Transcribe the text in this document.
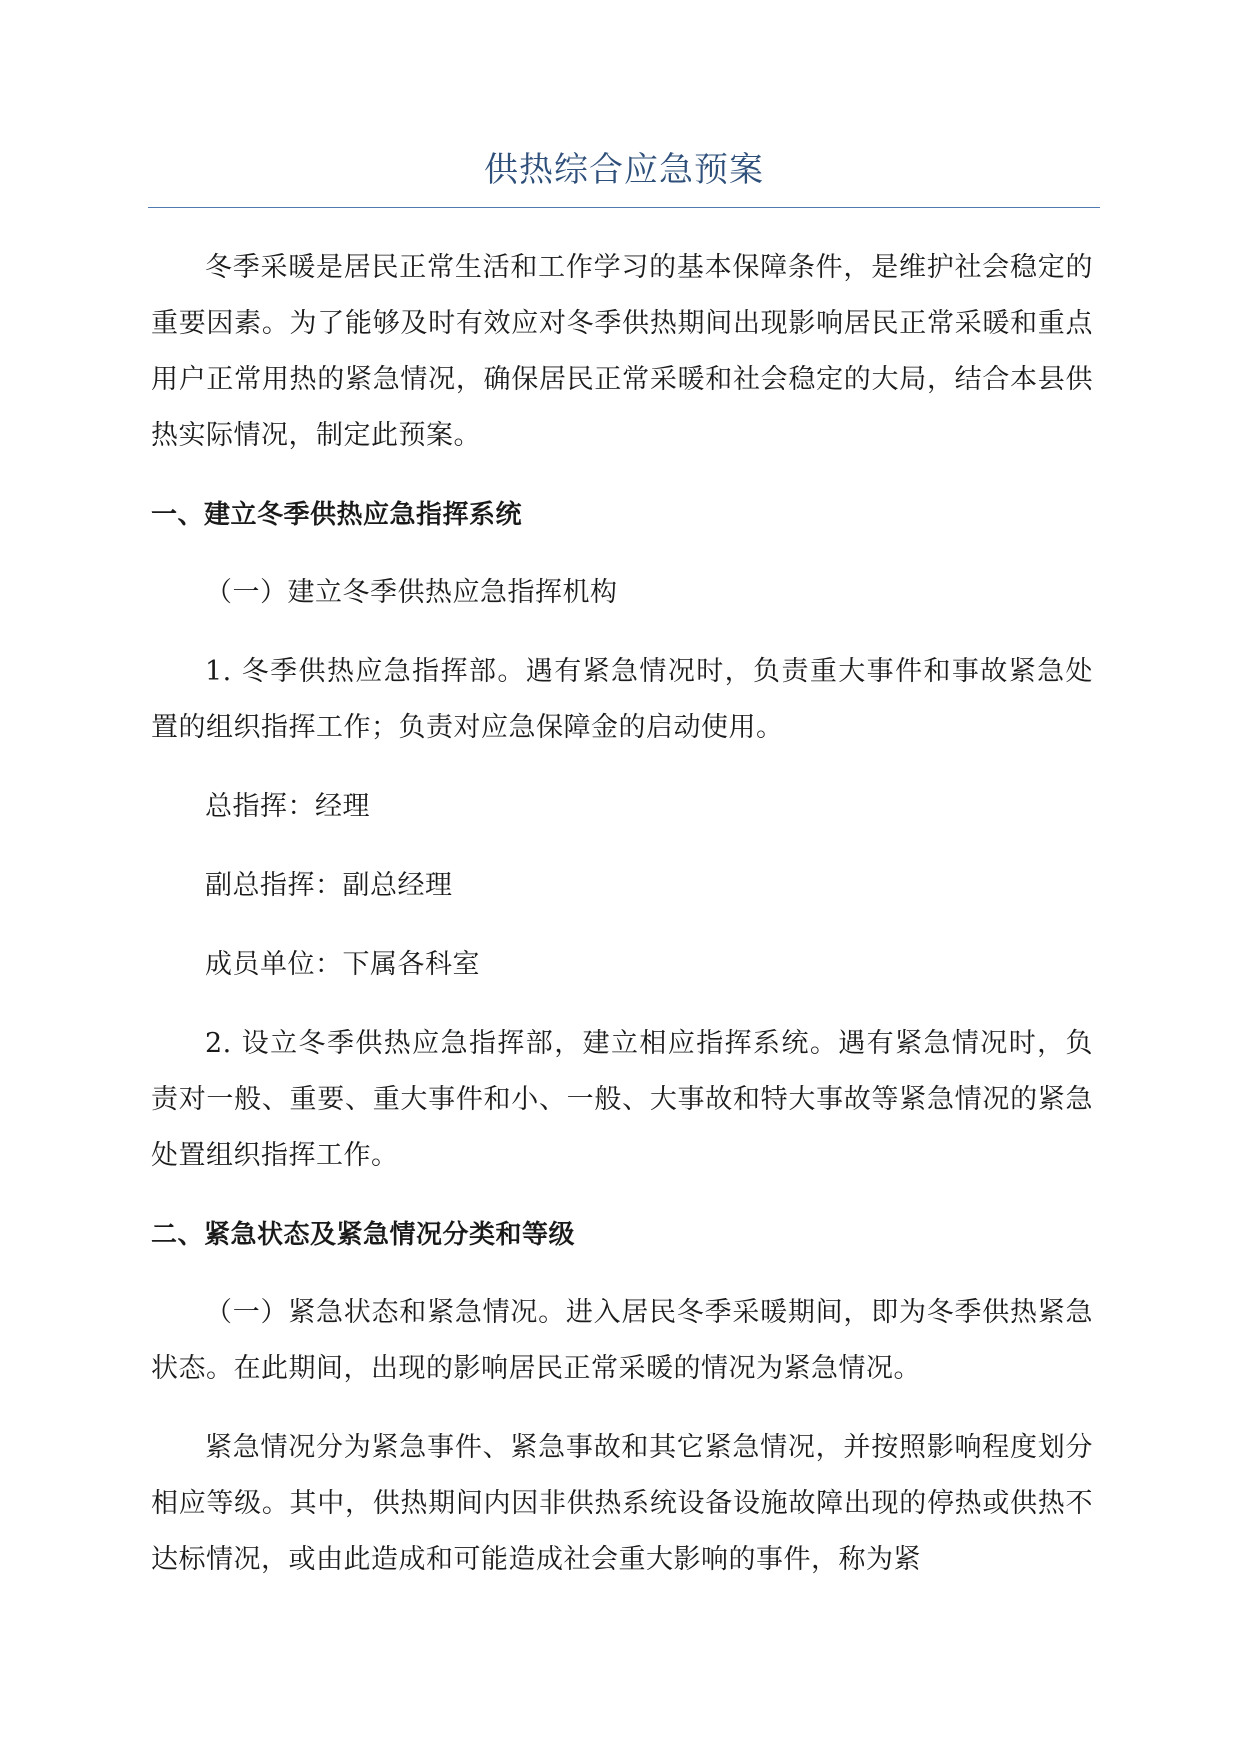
供热综合应急预案

冬季采暖是居民正常生活和工作学习的基本保障条件，是维护社会稳定的重要因素。为了能够及时有效应对冬季供热期间出现影响居民正常采暖和重点用户正常用热的紧急情况，确保居民正常采暖和社会稳定的大局，结合本县供热实际情况，制定此预案。

一、建立冬季供热应急指挥系统

（一）建立冬季供热应急指挥机构

1. 冬季供热应急指挥部。遇有紧急情况时，负责重大事件和事故紧急处置的组织指挥工作；负责对应急保障金的启动使用。

总指挥：经理

副总指挥：副总经理

成员单位：下属各科室

2. 设立冬季供热应急指挥部，建立相应指挥系统。遇有紧急情况时，负责对一般、重要、重大事件和小、一般、大事故和特大事故等紧急情况的紧急处置组织指挥工作。

二、紧急状态及紧急情况分类和等级

（一）紧急状态和紧急情况。进入居民冬季采暖期间，即为冬季供热紧急状态。在此期间，出现的影响居民正常采暖的情况为紧急情况。

紧急情况分为紧急事件、紧急事故和其它紧急情况，并按照影响程度划分相应等级。其中，供热期间内因非供热系统设备设施故障出现的停热或供热不达标情况，或由此造成和可能造成社会重大影响的事件，称为紧
